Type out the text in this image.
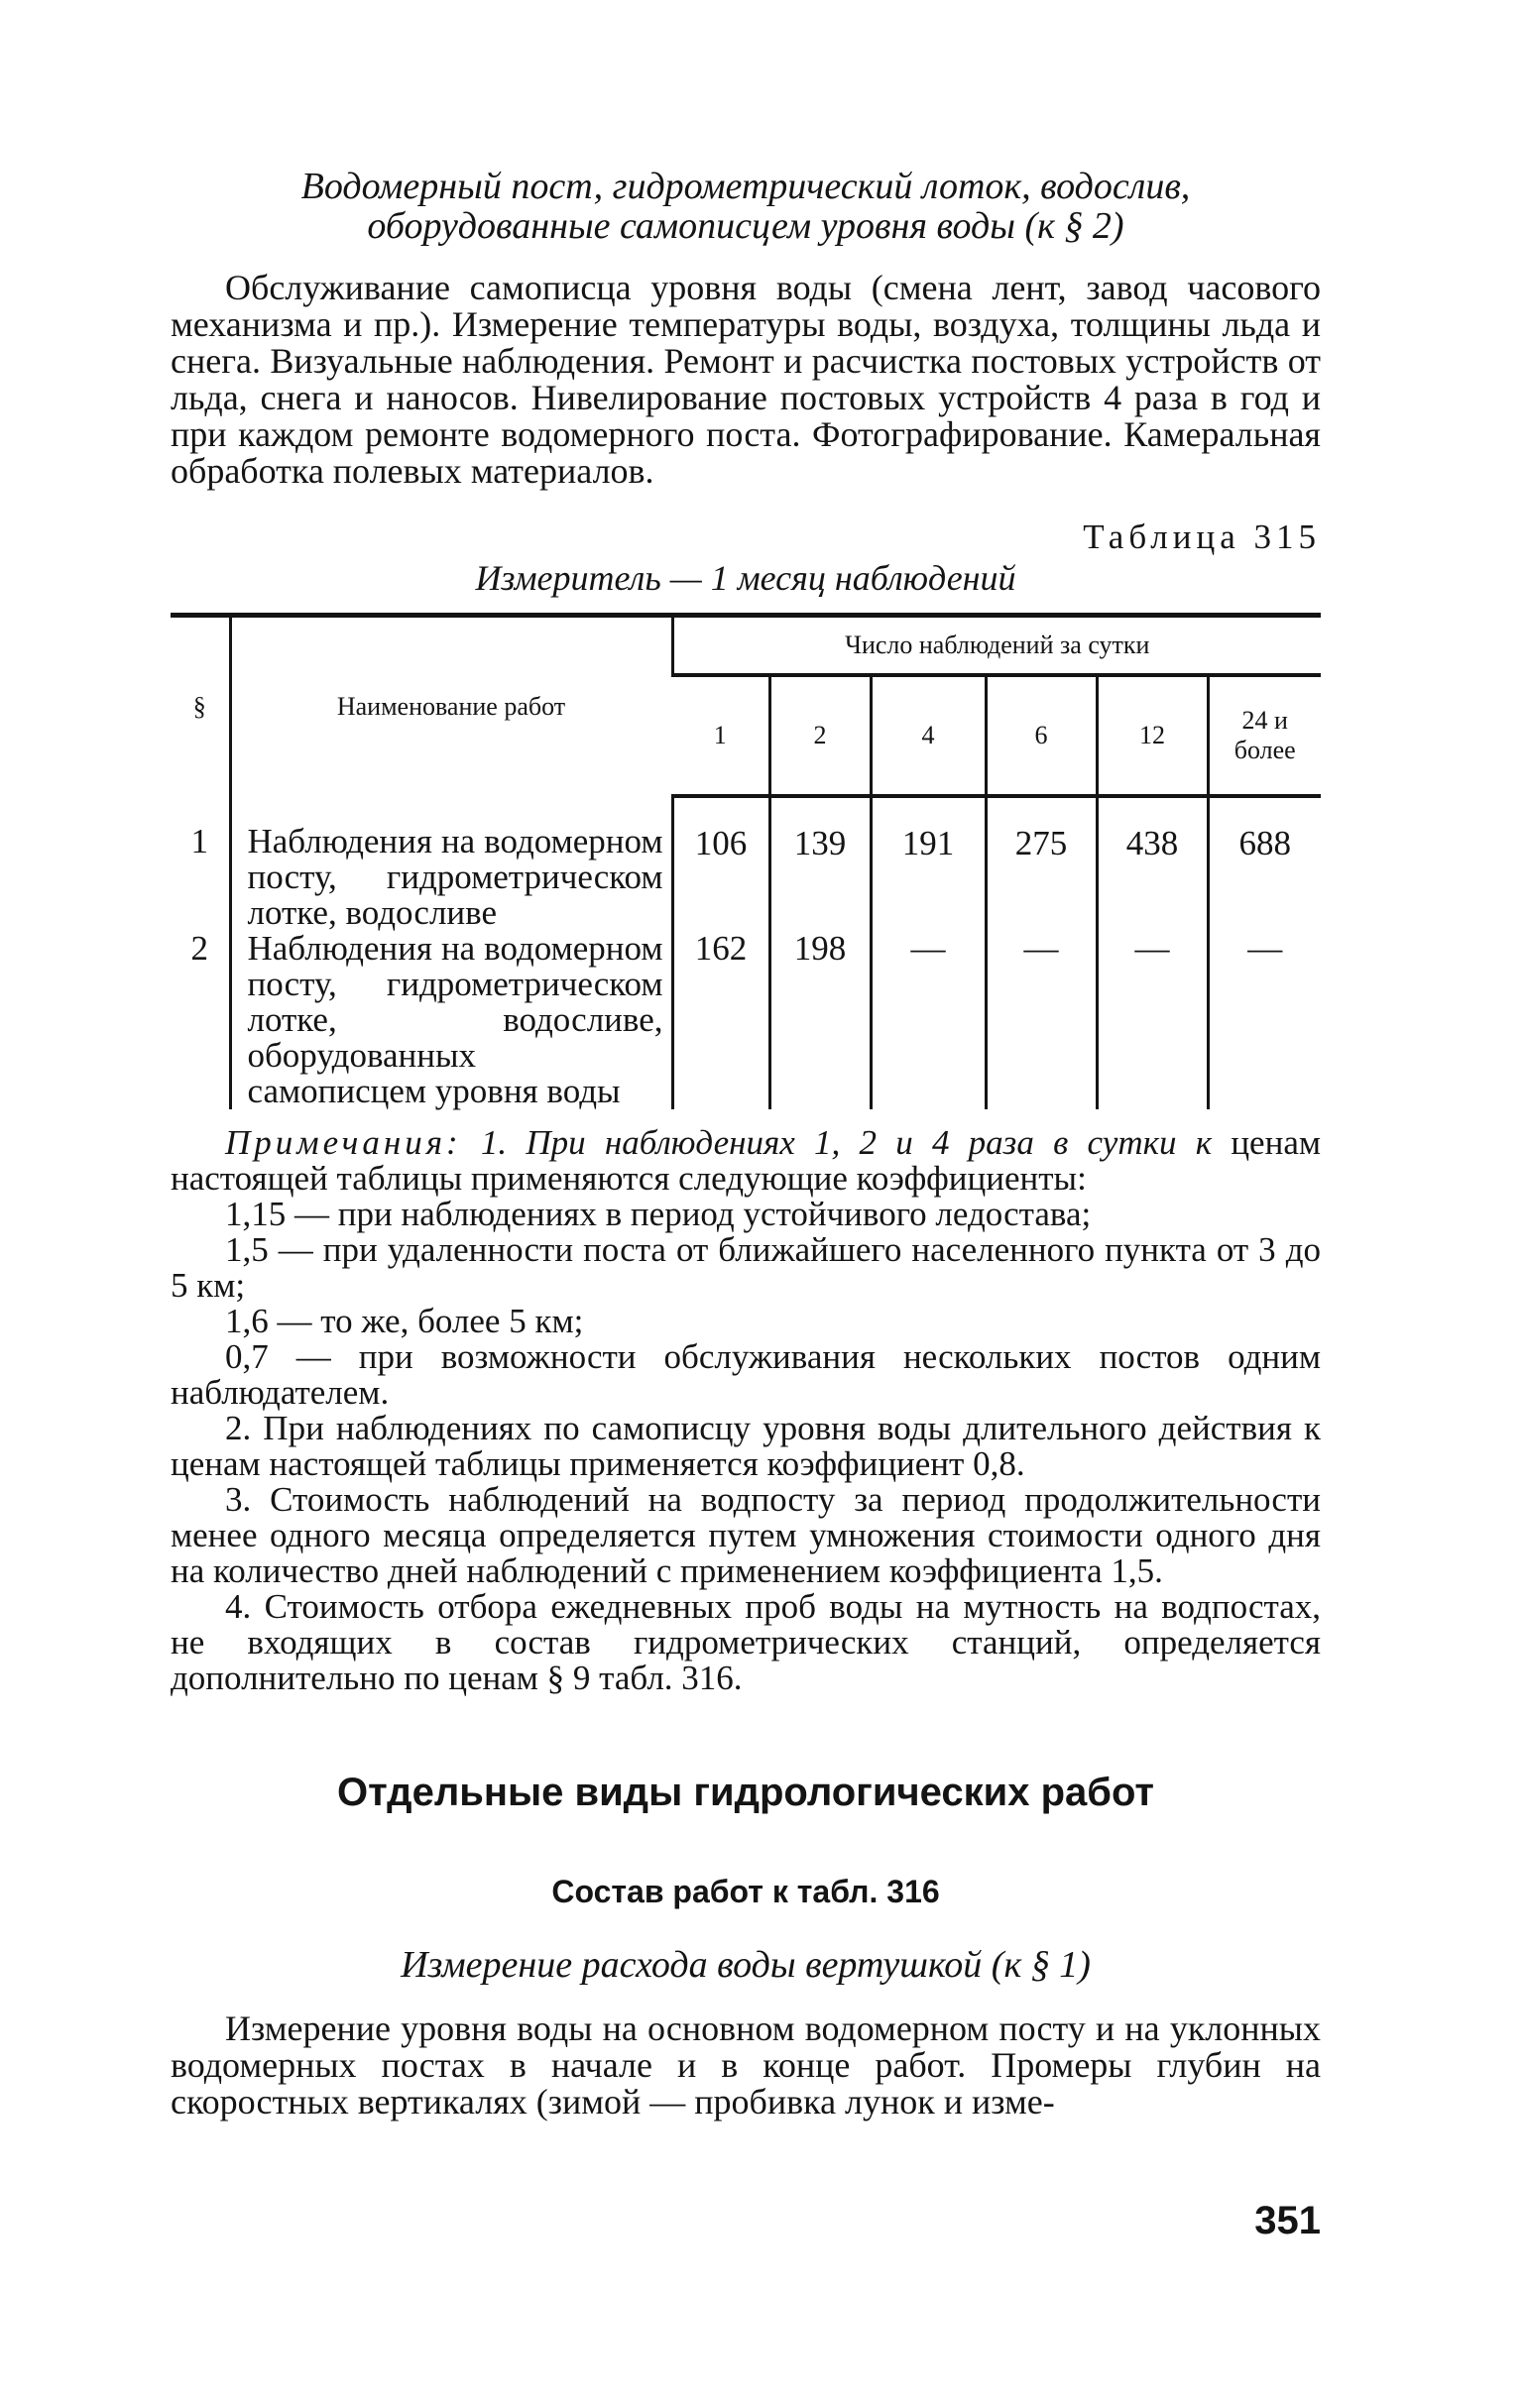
Водомерный пост, гидрометрический лоток, водослив,

оборудованные самописцем уровня воды (к § 2)

Обслуживание самописца уровня воды (смена лент, завод часового механизма и пр.). Измерение температуры воды, воздуха, толщины льда и снега. Визуальные наблюдения. Ремонт и расчистка постовых устройств от льда, снега и наносов. Нивелирование постовых устройств 4 раза в год и при каждом ремонте водомерного поста. Фотографирование. Камеральная обработка полевых материалов.

Таблица 315

Измеритель — 1 месяц наблюдений

§	Наименование работ	Число наблюдений за сутки					
		1	2	4	6	12	24 и более
1	Наблюдения на водомерном посту, гидрометрическом лотке, водосливе	106	139	191	275	438	688
2	Наблюдения на водомерном посту, гидрометрическом лотке, водосливе, оборудованных самописцем уровня воды	162	198	—	—	—	—

Примечания: 1. При наблюдениях 1, 2 и 4 раза в сутки к ценам настоящей таблицы применяются следующие коэффициенты:

1,15 — при наблюдениях в период устойчивого ледостава;

1,5 — при удаленности поста от ближайшего населенного пункта от 3 до 5 км;

1,6 — то же, более 5 км;

0,7 — при возможности обслуживания нескольких постов одним наблюдателем.

2. При наблюдениях по самописцу уровня воды длительного действия к ценам настоящей таблицы применяется коэффициент 0,8.

3. Стоимость наблюдений на водпосту за период продолжительности менее одного месяца определяется путем умножения стоимости одного дня на количество дней наблюдений с применением коэффициента 1,5.

4. Стоимость отбора ежедневных проб воды на мутность на водпостах, не входящих в состав гидрометрических станций, определяется дополнительно по ценам § 9 табл. 316.

Отдельные виды гидрологических работ

Состав работ к табл. 316

Измерение расхода воды вертушкой (к § 1)

Измерение уровня воды на основном водомерном посту и на уклонных водомерных постах в начале и в конце работ. Промеры глубин на скоростных вертикалях (зимой — пробивка лунок и изме-

351
